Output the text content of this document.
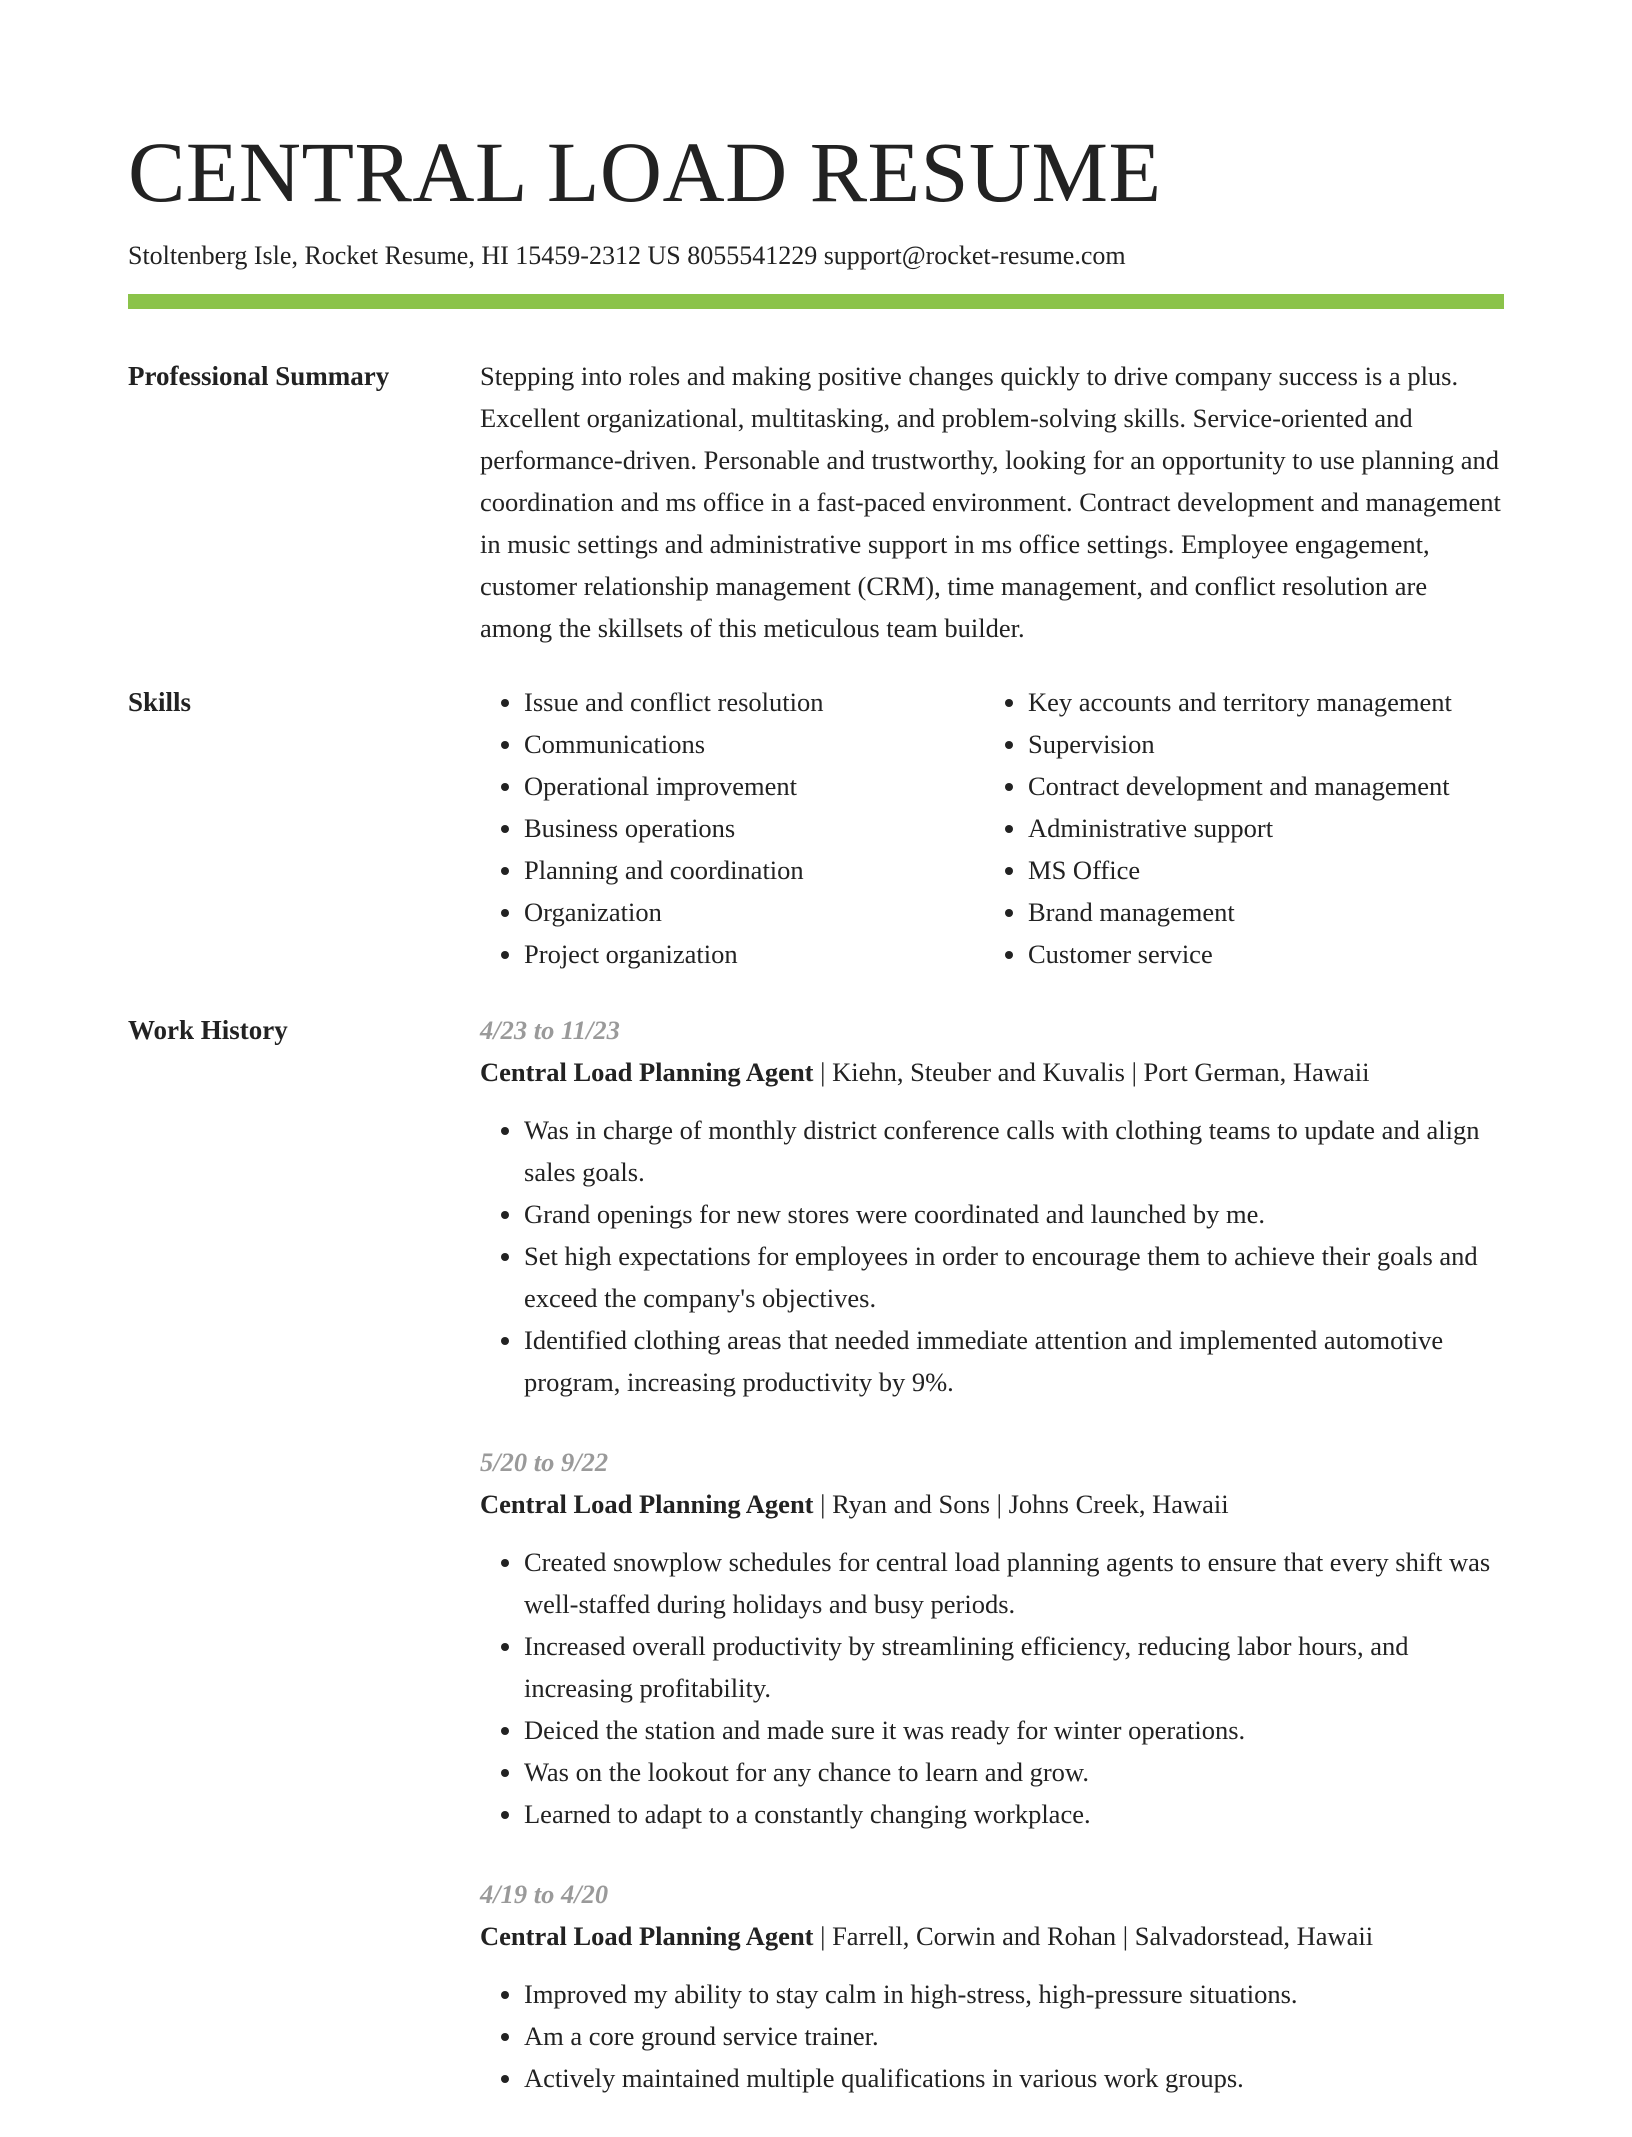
CENTRAL LOAD RESUME
Stoltenberg Isle, Rocket Resume, HI 15459-2312 US 8055541229 support@rocket-resume.com
Professional Summary	Stepping into roles and making positive changes quickly to drive company success is a plus. Excellent organizational, multitasking, and problem-solving skills. Service-oriented and performance-driven. Personable and trustworthy, looking for an opportunity to use planning and coordination and ms office in a fast-paced environment. Contract development and management in music settings and administrative support in ms office settings. Employee engagement, customer relationship management (CRM), time management, and conflict resolution are among the skillsets of this meticulous team builder.

Skills
•	Issue and conflict resolution
• Communications
• Operational improvement
• Business operations
• Planning and coordination
• Organization
• Project organization
• Key accounts and territory management
• Supervision
• Contract development and management
• Administrative support
• MS Office
• Brand management
• Customer service
Work History	4/23 to 11/23
Central Load Planning Agent | Kiehn, Steuber and Kuvalis | Port German, Hawaii
• Was in charge of monthly district conference calls with clothing teams to update and align sales goals.
• Grand openings for new stores were coordinated and launched by me.
• Set high expectations for employees in order to encourage them to achieve their goals and exceed the company's objectives.
• Identified clothing areas that needed immediate attention and implemented automotive program, increasing productivity by 9%.
5/20 to 9/22
Central Load Planning Agent | Ryan and Sons | Johns Creek, Hawaii
• Created snowplow schedules for central load planning agents to ensure that every shift was well-staffed during holidays and busy periods.
• Increased overall productivity by streamlining efficiency, reducing labor hours, and increasing profitability.
• Deiced the station and made sure it was ready for winter operations.
• Was on the lookout for any chance to learn and grow.
• Learned to adapt to a constantly changing workplace.
4/19 to 4/20
Central Load Planning Agent | Farrell, Corwin and Rohan | Salvadorstead, Hawaii
• Improved my ability to stay calm in high-stress, high-pressure situations.
• Am a core ground service trainer.
• Actively maintained multiple qualifications in various work groups.
